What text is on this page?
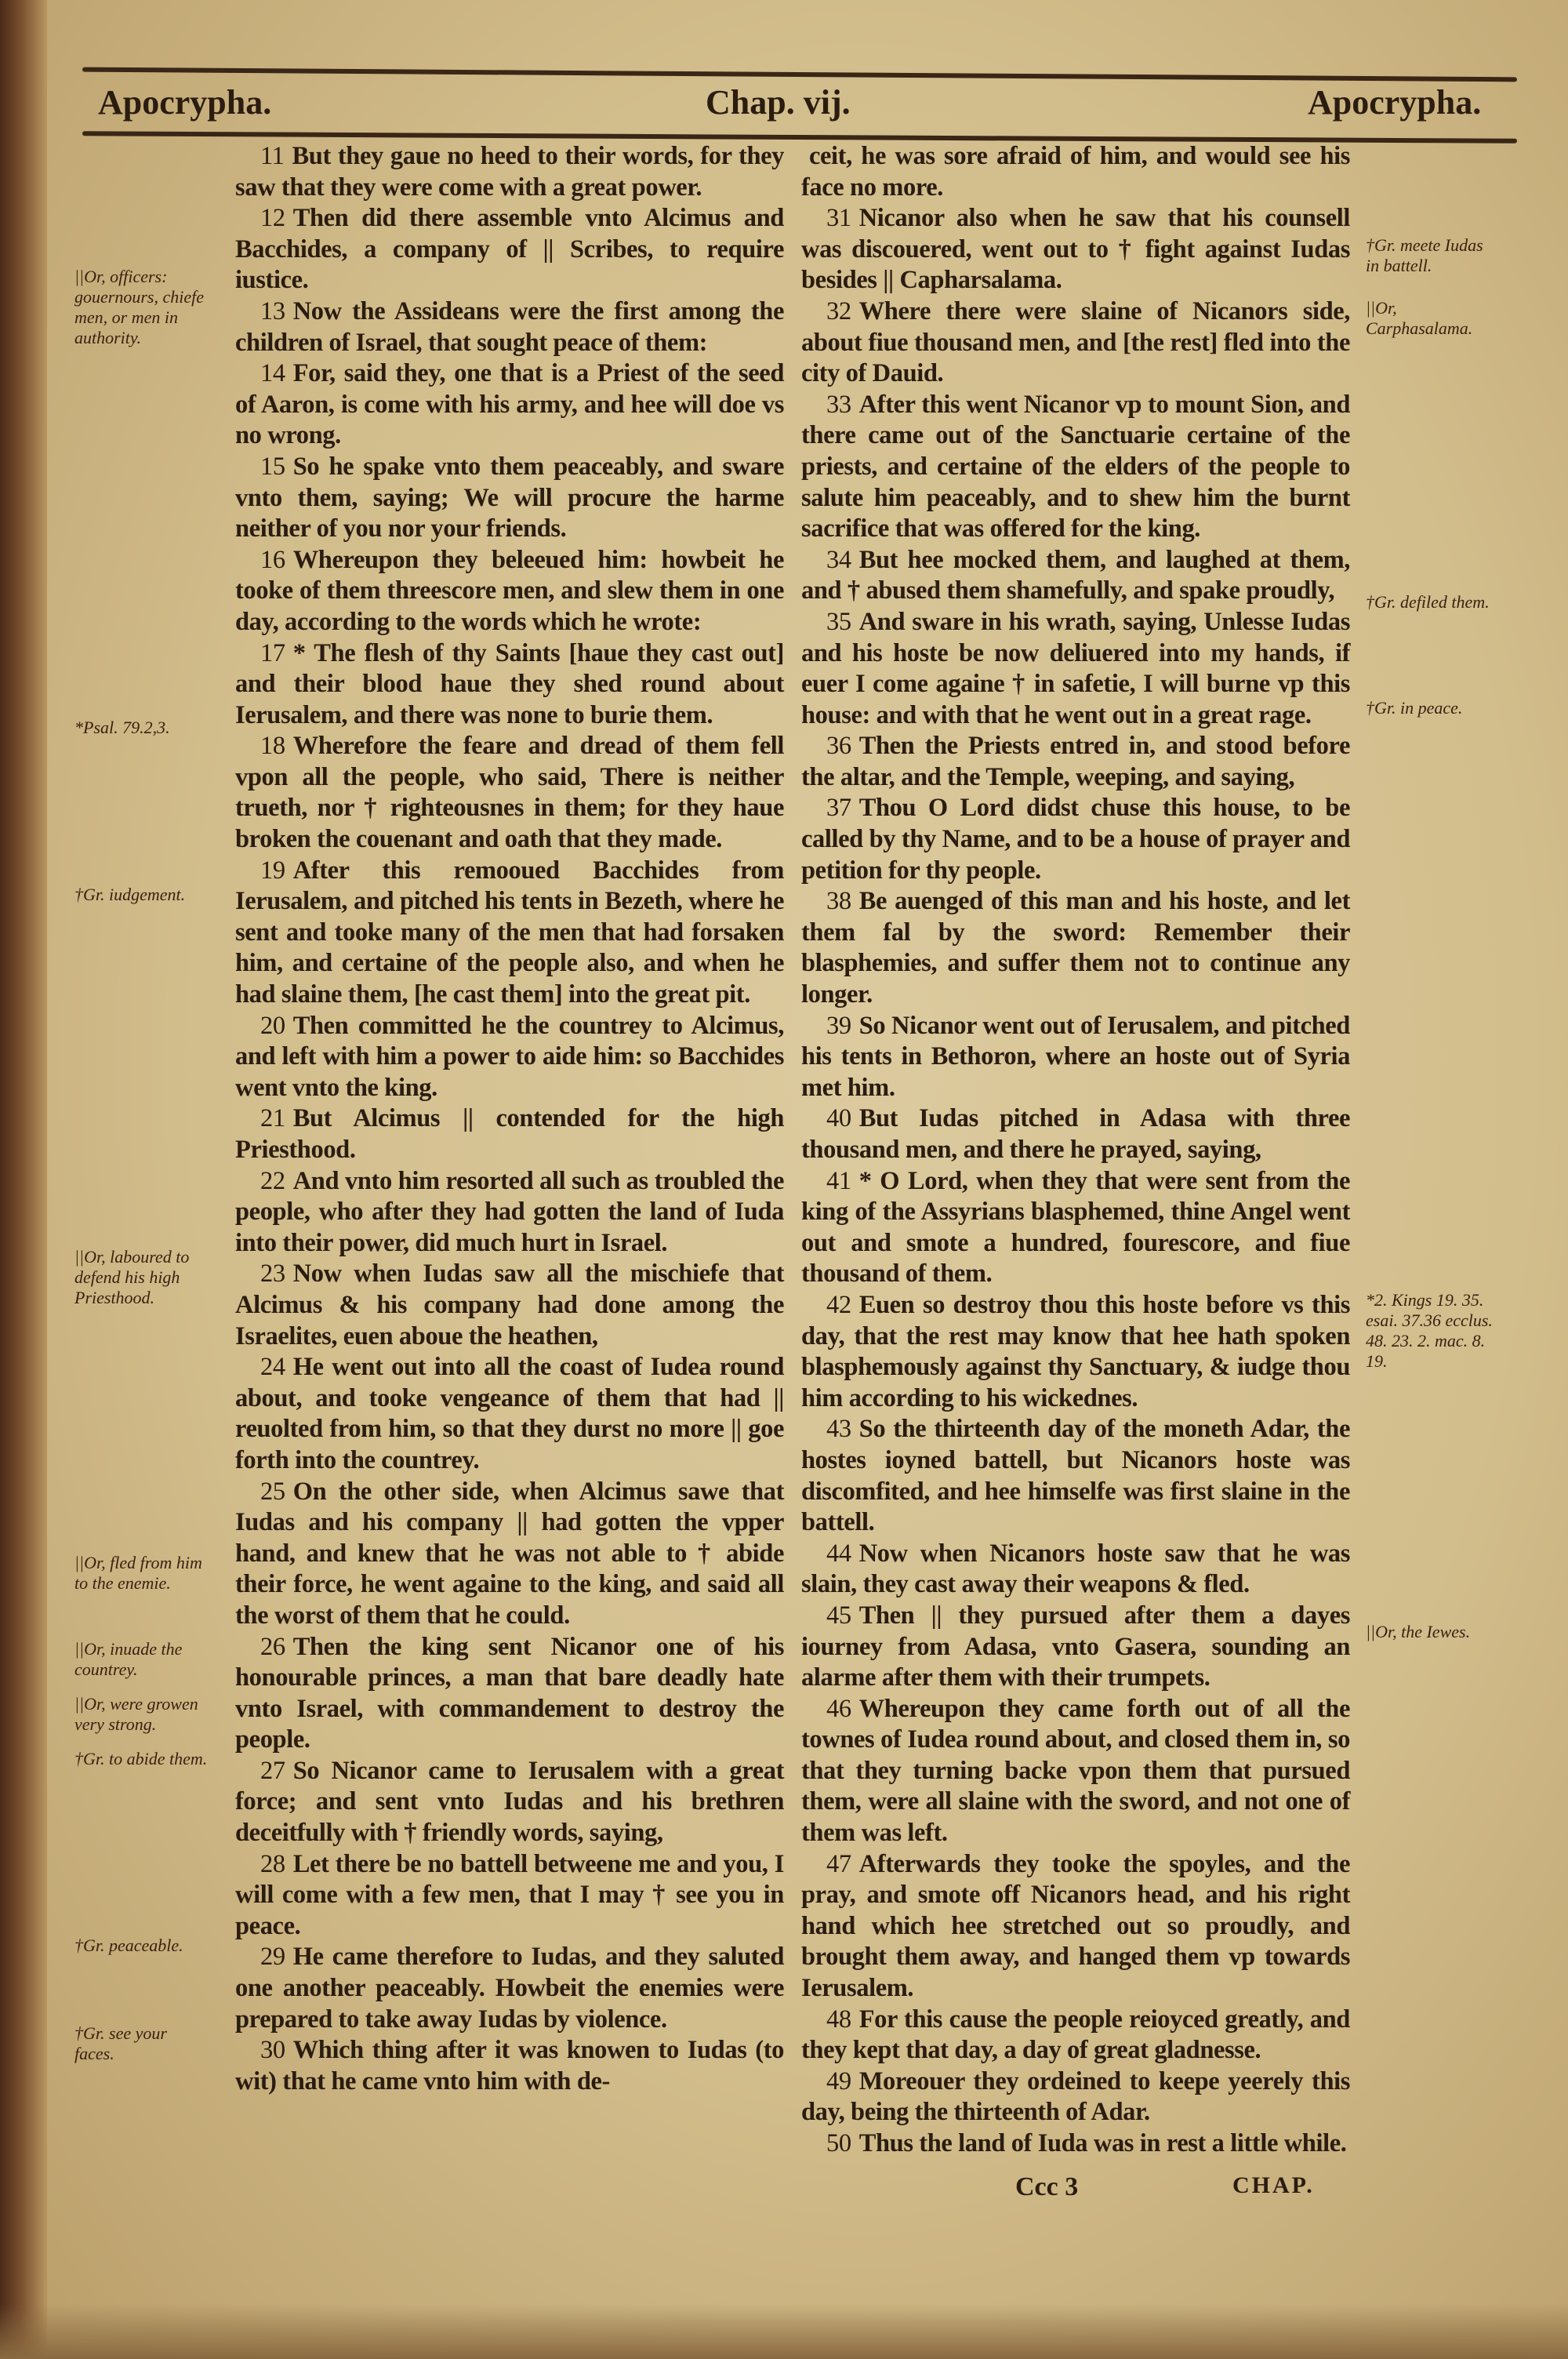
Apocrypha.	Chap. vij.	Apocrypha.

11 But they gaue no heed to their words, for they saw that they were come with a great power.

12 Then did there assemble vnto Alcimus and Bacchides, a company of || Scribes, to require iustice.

13 Now the Assideans were the first among the children of Israel, that sought peace of them:

14 For, said they, one that is a Priest of the seed of Aaron, is come with his army, and hee will doe vs no wrong.

15 So he spake vnto them peaceably, and sware vnto them, saying; We will procure the harme neither of you nor your friends.

16 Whereupon they beleeued him: howbeit he tooke of them threescore men, and slew them in one day, according to the words which he wrote:

17 * The flesh of thy Saints [haue they cast out] and their blood haue they shed round about Ierusalem, and there was none to burie them.

18 Wherefore the feare and dread of them fell vpon all the people, who said, There is neither trueth, nor † righteousnes in them; for they haue broken the couenant and oath that they made.

19 After this remooued Bacchides from Ierusalem, and pitched his tents in Bezeth, where he sent and tooke many of the men that had forsaken him, and certaine of the people also, and when he had slaine them, [he cast them] into the great pit.

20 Then committed he the countrey to Alcimus, and left with him a power to aide him: so Bacchides went vnto the king.

21 But Alcimus || contended for the high Priesthood.

22 And vnto him resorted all such as troubled the people, who after they had gotten the land of Iuda into their power, did much hurt in Israel.

23 Now when Iudas saw all the mischiefe that Alcimus & his company had done among the Israelites, euen aboue the heathen,

24 He went out into all the coast of Iudea round about, and tooke vengeance of them that had || reuolted from him, so that they durst no more || goe forth into the countrey.

25 On the other side, when Alcimus sawe that Iudas and his company || had gotten the vpper hand, and knew that he was not able to † abide their force, he went againe to the king, and said all the worst of them that he could.

26 Then the king sent Nicanor one of his honourable princes, a man that bare deadly hate vnto Israel, with commandement to destroy the people.

27 So Nicanor came to Ierusalem with a great force; and sent vnto Iudas and his brethren deceitfully with † friendly words, saying,

28 Let there be no battell betweene me and you, I will come with a few men, that I may † see you in peace.

29 He came therefore to Iudas, and they saluted one another peaceably. Howbeit the enemies were prepared to take away Iudas by violence.

30 Which thing after it was knowen to Iudas (to wit) that he came vnto him with de-

ceit, he was sore afraid of him, and would see his face no more.

31 Nicanor also when he saw that his counsell was discouered, went out to † fight against Iudas besides || Capharsalama.

32 Where there were slaine of Nicanors side, about fiue thousand men, and [the rest] fled into the city of Dauid.

33 After this went Nicanor vp to mount Sion, and there came out of the Sanctuarie certaine of the priests, and certaine of the elders of the people to salute him peaceably, and to shew him the burnt sacrifice that was offered for the king.

34 But hee mocked them, and laughed at them, and † abused them shamefully, and spake proudly,

35 And sware in his wrath, saying, Unlesse Iudas and his hoste be now deliuered into my hands, if euer I come againe † in safetie, I will burne vp this house: and with that he went out in a great rage.

36 Then the Priests entred in, and stood before the altar, and the Temple, weeping, and saying,

37 Thou O Lord didst chuse this house, to be called by thy Name, and to be a house of prayer and petition for thy people.

38 Be auenged of this man and his hoste, and let them fal by the sword: Remember their blasphemies, and suffer them not to continue any longer.

39 So Nicanor went out of Ierusalem, and pitched his tents in Bethoron, where an hoste out of Syria met him.

40 But Iudas pitched in Adasa with three thousand men, and there he prayed, saying,

41 * O Lord, when they that were sent from the king of the Assyrians blasphemed, thine Angel went out and smote a hundred, fourescore, and fiue thousand of them.

42 Euen so destroy thou this hoste before vs this day, that the rest may know that hee hath spoken blasphemously against thy Sanctuary, & iudge thou him according to his wickednes.

43 So the thirteenth day of the moneth Adar, the hostes ioyned battell, but Nicanors hoste was discomfited, and hee himselfe was first slaine in the battell.

44 Now when Nicanors hoste saw that he was slain, they cast away their weapons & fled.

45 Then || they pursued after them a dayes iourney from Adasa, vnto Gasera, sounding an alarme after them with their trumpets.

46 Whereupon they came forth out of all the townes of Iudea round about, and closed them in, so that they turning backe vpon them that pursued them, were all slaine with the sword, and not one of them was left.

47 Afterwards they tooke the spoyles, and the pray, and smote off Nicanors head, and his right hand which hee stretched out so proudly, and brought them away, and hanged them vp towards Ierusalem.

48 For this cause the people reioyced greatly, and they kept that day, a day of great gladnesse.

49 Moreouer they ordeined to keepe yeerely this day, being the thirteenth of Adar.

50 Thus the land of Iuda was in rest a little while.

||Or, officers: gouernours, chiefe men, or men in authority.
*Psal. 79.2,3.
†Gr. iudgement.
||Or, laboured to defend his high Priesthood.
||Or, fled from him to the enemie.
||Or, inuade the countrey.
||Or, were growen very strong.
†Gr. to abide them.
†Gr. peaceable.
†Gr. see your faces.
†Gr. meete Iudas in battell.
||Or, Carphasalama.
†Gr. defiled them.
†Gr. in peace.
*2. Kings 19. 35. esai. 37.36 ecclus. 48. 23. 2. mac. 8. 19.
||Or, the Iewes.
Ccc 3	CHAP.
